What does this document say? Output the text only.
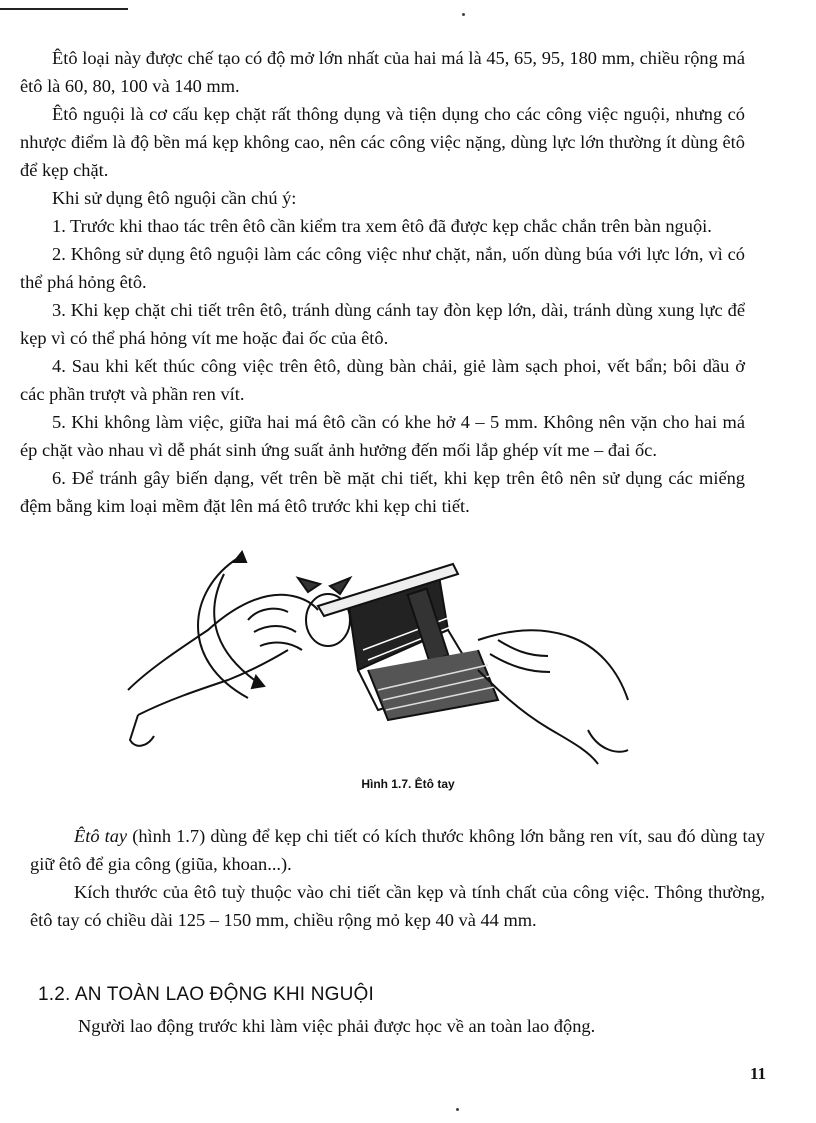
Êtô loại này được chế tạo có độ mở lớn nhất của hai má là 45, 65, 95, 180 mm, chiều rộng má êtô là 60, 80, 100 và 140 mm.

Êtô nguội là cơ cấu kẹp chặt rất thông dụng và tiện dụng cho các công việc nguội, nhưng có nhược điểm là độ bền má kẹp không cao, nên các công việc nặng, dùng lực lớn thường ít dùng êtô để kẹp chặt.

Khi sử dụng êtô nguội cần chú ý:

1. Trước khi thao tác trên êtô cần kiểm tra xem êtô đã được kẹp chắc chắn trên bàn nguội.

2. Không sử dụng êtô nguội làm các công việc như chặt, nắn, uốn dùng búa với lực lớn, vì có thể phá hỏng êtô.

3. Khi kẹp chặt chi tiết trên êtô, tránh dùng cánh tay đòn kẹp lớn, dài, tránh dùng xung lực để kẹp vì có thể phá hỏng vít me hoặc đai ốc của êtô.

4. Sau khi kết thúc công việc trên êtô, dùng bàn chải, giẻ làm sạch phoi, vết bẩn; bôi dầu ở các phần trượt và phần ren vít.

5. Khi không làm việc, giữa hai má êtô cần có khe hở 4 – 5 mm. Không nên vặn cho hai má ép chặt vào nhau vì dễ phát sinh ứng suất ảnh hưởng đến mối lắp ghép vít me – đai ốc.

6. Để tránh gây biến dạng, vết trên bề mặt chi tiết, khi kẹp trên êtô nên sử dụng các miếng đệm bằng kim loại mềm đặt lên má êtô trước khi kẹp chi tiết.

Hình 1.7. Êtô tay

Êtô tay (hình 1.7) dùng để kẹp chi tiết có kích thước không lớn bằng ren vít, sau đó dùng tay giữ êtô để gia công (giũa, khoan...).

Kích thước của êtô tuỳ thuộc vào chi tiết cần kẹp và tính chất của công việc. Thông thường, êtô tay có chiều dài 125 – 150 mm, chiều rộng mỏ kẹp 40 và 44 mm.

1.2. AN TOÀN LAO ĐỘNG KHI NGUỘI
Người lao động trước khi làm việc phải được học về an toàn lao động.
11
